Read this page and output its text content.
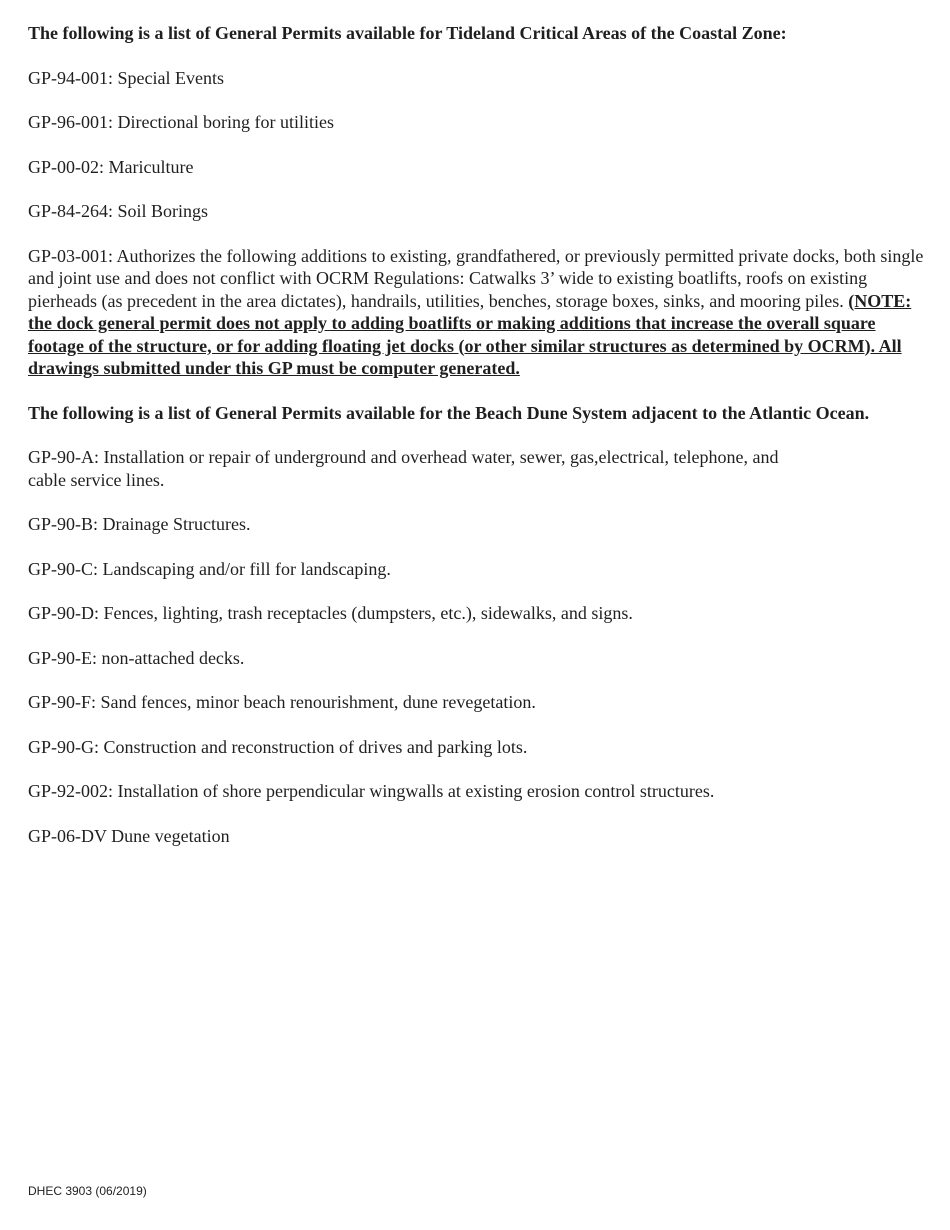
The following is a list of General Permits available for Tideland Critical Areas of the Coastal Zone:

GP-94-001: Special Events

GP-96-001: Directional boring for utilities

GP-00-02: Mariculture

GP-84-264: Soil Borings

GP-03-001: Authorizes the following additions to existing, grandfathered, or previously permitted private docks, both single and joint use and does not conflict with OCRM Regulations: Catwalks 3’ wide to existing boatlifts, roofs on existing pierheads (as precedent in the area dictates), handrails, utilities, benches, storage boxes, sinks, and mooring piles. (NOTE: the dock general permit does not apply to adding boatlifts or making additions that increase the overall square footage of the structure, or for adding floating jet docks (or other similar structures as determined by OCRM). All drawings submitted under this GP must be computer generated.

The following is a list of General Permits available for the Beach Dune System adjacent to the Atlantic Ocean.

GP-90-A: Installation or repair of underground and overhead water, sewer, gas,electrical, telephone, and
cable service lines.

GP-90-B: Drainage Structures.

GP-90-C: Landscaping and/or fill for landscaping.

GP-90-D: Fences, lighting, trash receptacles (dumpsters, etc.), sidewalks, and signs.

GP-90-E: non-attached decks.

GP-90-F: Sand fences, minor beach renourishment, dune revegetation.

GP-90-G: Construction and reconstruction of drives and parking lots.

GP-92-002: Installation of shore perpendicular wingwalls at existing erosion control structures.

GP-06-DV Dune vegetation

DHEC 3903 (06/2019)
